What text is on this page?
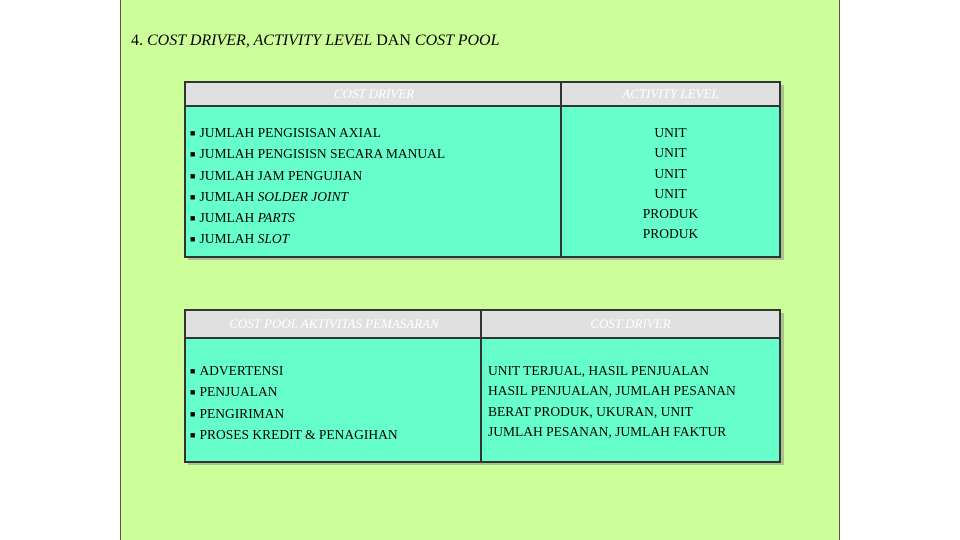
4. COST DRIVER, ACTIVITY LEVEL DAN COST POOL
COST DRIVER	ACTIVITY LEVEL
■ JUMLAH PENGISISAN AXIAL
■ JUMLAH PENGISISN SECARA MANUAL
■ JUMLAH JAM PENGUJIAN
■ JUMLAH SOLDER JOINT
■ JUMLAH PARTS
■ JUMLAH SLOT
UNIT
UNIT
UNIT
UNIT
PRODUK
PRODUK
COST POOL AKTIVITAS PEMASARAN	COST DRIVER
■ ADVERTENSI
■ PENJUALAN
■ PENGIRIMAN
■ PROSES KREDIT & PENAGIHAN
UNIT TERJUAL, HASIL PENJUALAN
HASIL PENJUALAN, JUMLAH PESANAN
BERAT PRODUK, UKURAN, UNIT
JUMLAH PESANAN, JUMLAH FAKTUR
